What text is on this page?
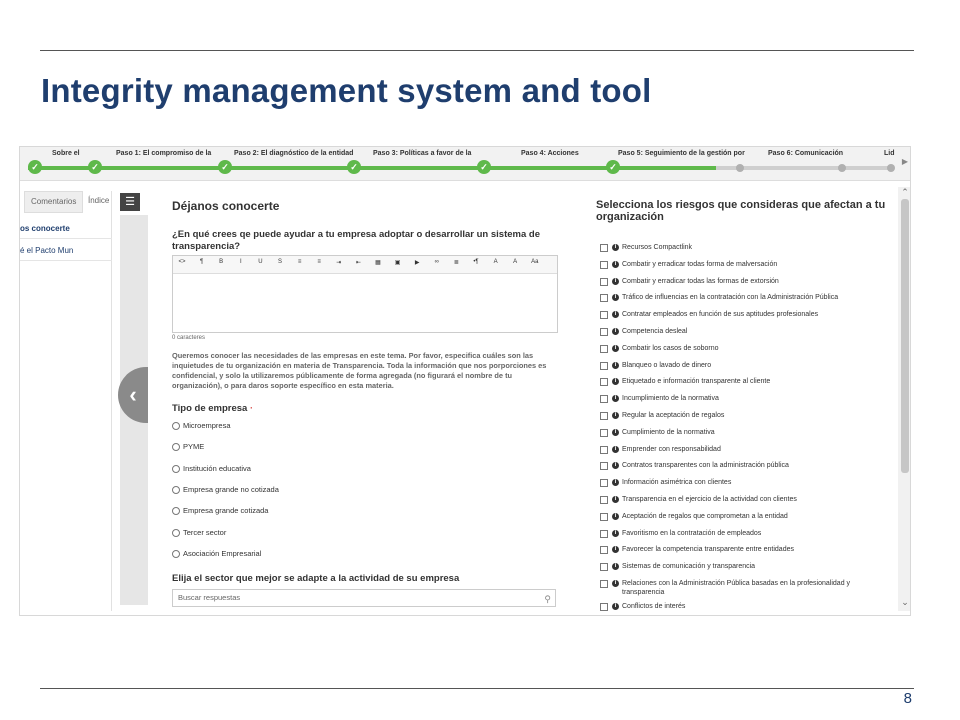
Integrity management system and tool
Sobre el	Paso 1: El compromiso de la	Paso 2: El diagnóstico de la entidad	Paso 3: Políticas a favor de la	Paso 4: Acciones	Paso 5: Seguimiento de la gestión por	Paso 6: Comunicación	Lid
✓	✓	✓	✓	✓	✓
▶
Comentarios	Índice
os conocerte
é el Pacto Mun
☰
‹
Déjanos conocerte
¿En qué crees qe puede ayudar a tu empresa adoptar o desarrollar un sistema de transparencia?
<>	¶	B	I	U	S	≡	≡	⇥	⇤	▦	▣	▶	∞	≣	•¶	A	A	Aa
0 caracteres
Queremos conocer las necesidades de las empresas en este tema. Por favor, especifica cuáles son las inquietudes de tu organización en materia de Transparencia. Toda la información que nos porporciones es confidencial, y solo la utilizaremos públicamente de forma agregada (no figurará el nombre de tu organización), o para daros soporte específico en esta materia.
Tipo de empresa ·
Microempresa
PYME
Institución educativa
Empresa grande no cotizada
Empresa grande cotizada
Tercer sector
Asociación Empresarial
Elija el sector que mejor se adapte a la actividad de su empresa
Buscar respuestas	⚲
Selecciona los riesgos que consideras que afectan a tu organización
i Recursos Compactlink
i Combatir y erradicar todas forma de malversación
i Combatir y erradicar todas las formas de extorsión
i Tráfico de influencias en la contratación con la Administración Pública
i Contratar empleados en función de sus aptitudes profesionales
i Competencia desleal
i Combatir los casos de soborno
i Blanqueo o lavado de dinero
i Etiquetado e información transparente al cliente
i Incumplimiento de la normativa
i Regular la aceptación de regalos
i Cumplimiento de la normativa
i Emprender con responsabilidad
i Contratos transparentes con la administración pública
i Información asimétrica con clientes
i Transparencia en el ejercicio de la actividad con clientes
i Aceptación de regalos que comprometan a la entidad
i Favoritismo en la contratación de empleados
i Favorecer la competencia transparente entre entidades
i Sistemas de comunicación y transparencia
i Relaciones con la Administración Pública basadas en la profesionalidad y transparencia
i Conflictos de interés
⌃
⌄
8
